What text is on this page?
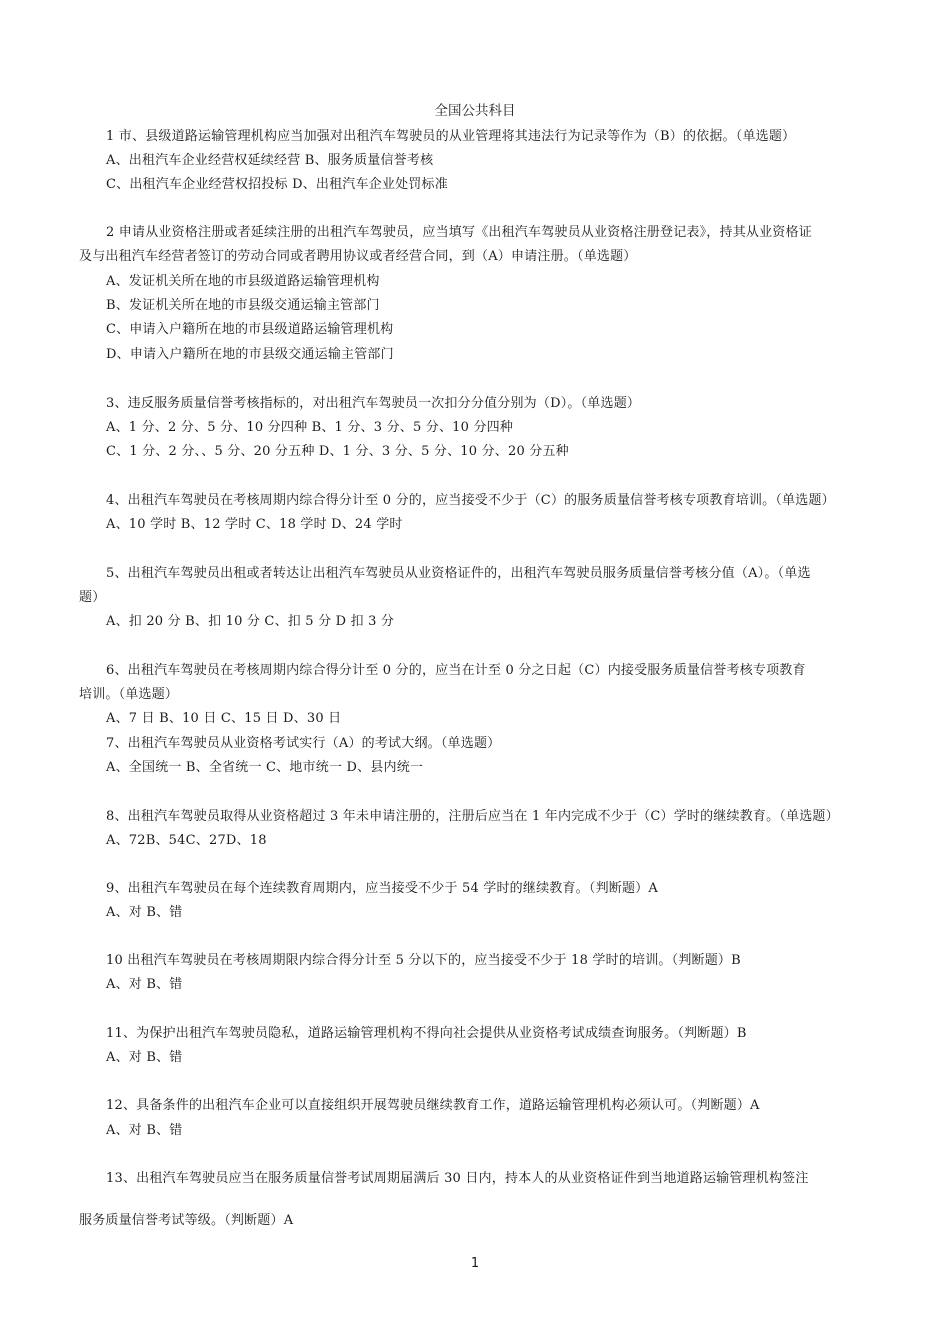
全国公共科目
1 市、县级道路运输管理机构应当加强对出租汽车驾驶员的从业管理将其违法行为记录等作为（B）的依据。（单选题）
A、出租汽车企业经营权延续经营 B、服务质量信誉考核
C、出租汽车企业经营权招投标 D、出租汽车企业处罚标准
2 申请从业资格注册或者延续注册的出租汽车驾驶员，应当填写《出租汽车驾驶员从业资格注册登记表》，持其从业资格证
及与出租汽车经营者签订的劳动合同或者聘用协议或者经营合同，到（A）申请注册。（单选题）
A、发证机关所在地的市县级道路运输管理机构
B、发证机关所在地的市县级交通运输主管部门
C、申请入户籍所在地的市县级道路运输管理机构
D、申请入户籍所在地的市县级交通运输主管部门
3、违反服务质量信誉考核指标的，对出租汽车驾驶员一次扣分分值分别为（D）。（单选题）
A、1 分、2 分、5 分、10 分四种 B、1 分、3 分、5 分、10 分四种
C、1 分、2 分、、5 分、20 分五种 D、1 分、3 分、5 分、10 分、20 分五种
4、出租汽车驾驶员在考核周期内综合得分计至 0 分的，应当接受不少于（C）的服务质量信誉考核专项教育培训。（单选题）
A、10 学时 B、12 学时 C、18 学时 D、24 学时
5、出租汽车驾驶员出租或者转达让出租汽车驾驶员从业资格证件的，出租汽车驾驶员服务质量信誉考核分值（A）。（单选
题）
A、扣 20 分 B、扣 10 分 C、扣 5 分 D 扣 3 分
6、出租汽车驾驶员在考核周期内综合得分计至 0 分的，应当在计至 0 分之日起（C）内接受服务质量信誉考核专项教育
培训。（单选题）
A、7 日 B、10 日 C、15 日 D、30 日
7、出租汽车驾驶员从业资格考试实行（A）的考试大纲。（单选题）
A、全国统一 B、全省统一 C、地市统一 D、县内统一
8、出租汽车驾驶员取得从业资格超过 3 年未申请注册的，注册后应当在 1 年内完成不少于（C）学时的继续教育。（单选题）
A、72B、54C、27D、18
9、出租汽车驾驶员在每个连续教育周期内，应当接受不少于 54 学时的继续教育。（判断题）A
A、对 B、错
10 出租汽车驾驶员在考核周期限内综合得分计至 5 分以下的，应当接受不少于 18 学时的培训。（判断题）B
A、对 B、错
11、为保护出租汽车驾驶员隐私，道路运输管理机构不得向社会提供从业资格考试成绩查询服务。（判断题）B
A、对 B、错
12、具备条件的出租汽车企业可以直接组织开展驾驶员继续教育工作，道路运输管理机构必须认可。（判断题）A
A、对 B、错
13、出租汽车驾驶员应当在服务质量信誉考试周期届满后 30 日内，持本人的从业资格证件到当地道路运输管理机构签注
服务质量信誉考试等级。（判断题）A
1
